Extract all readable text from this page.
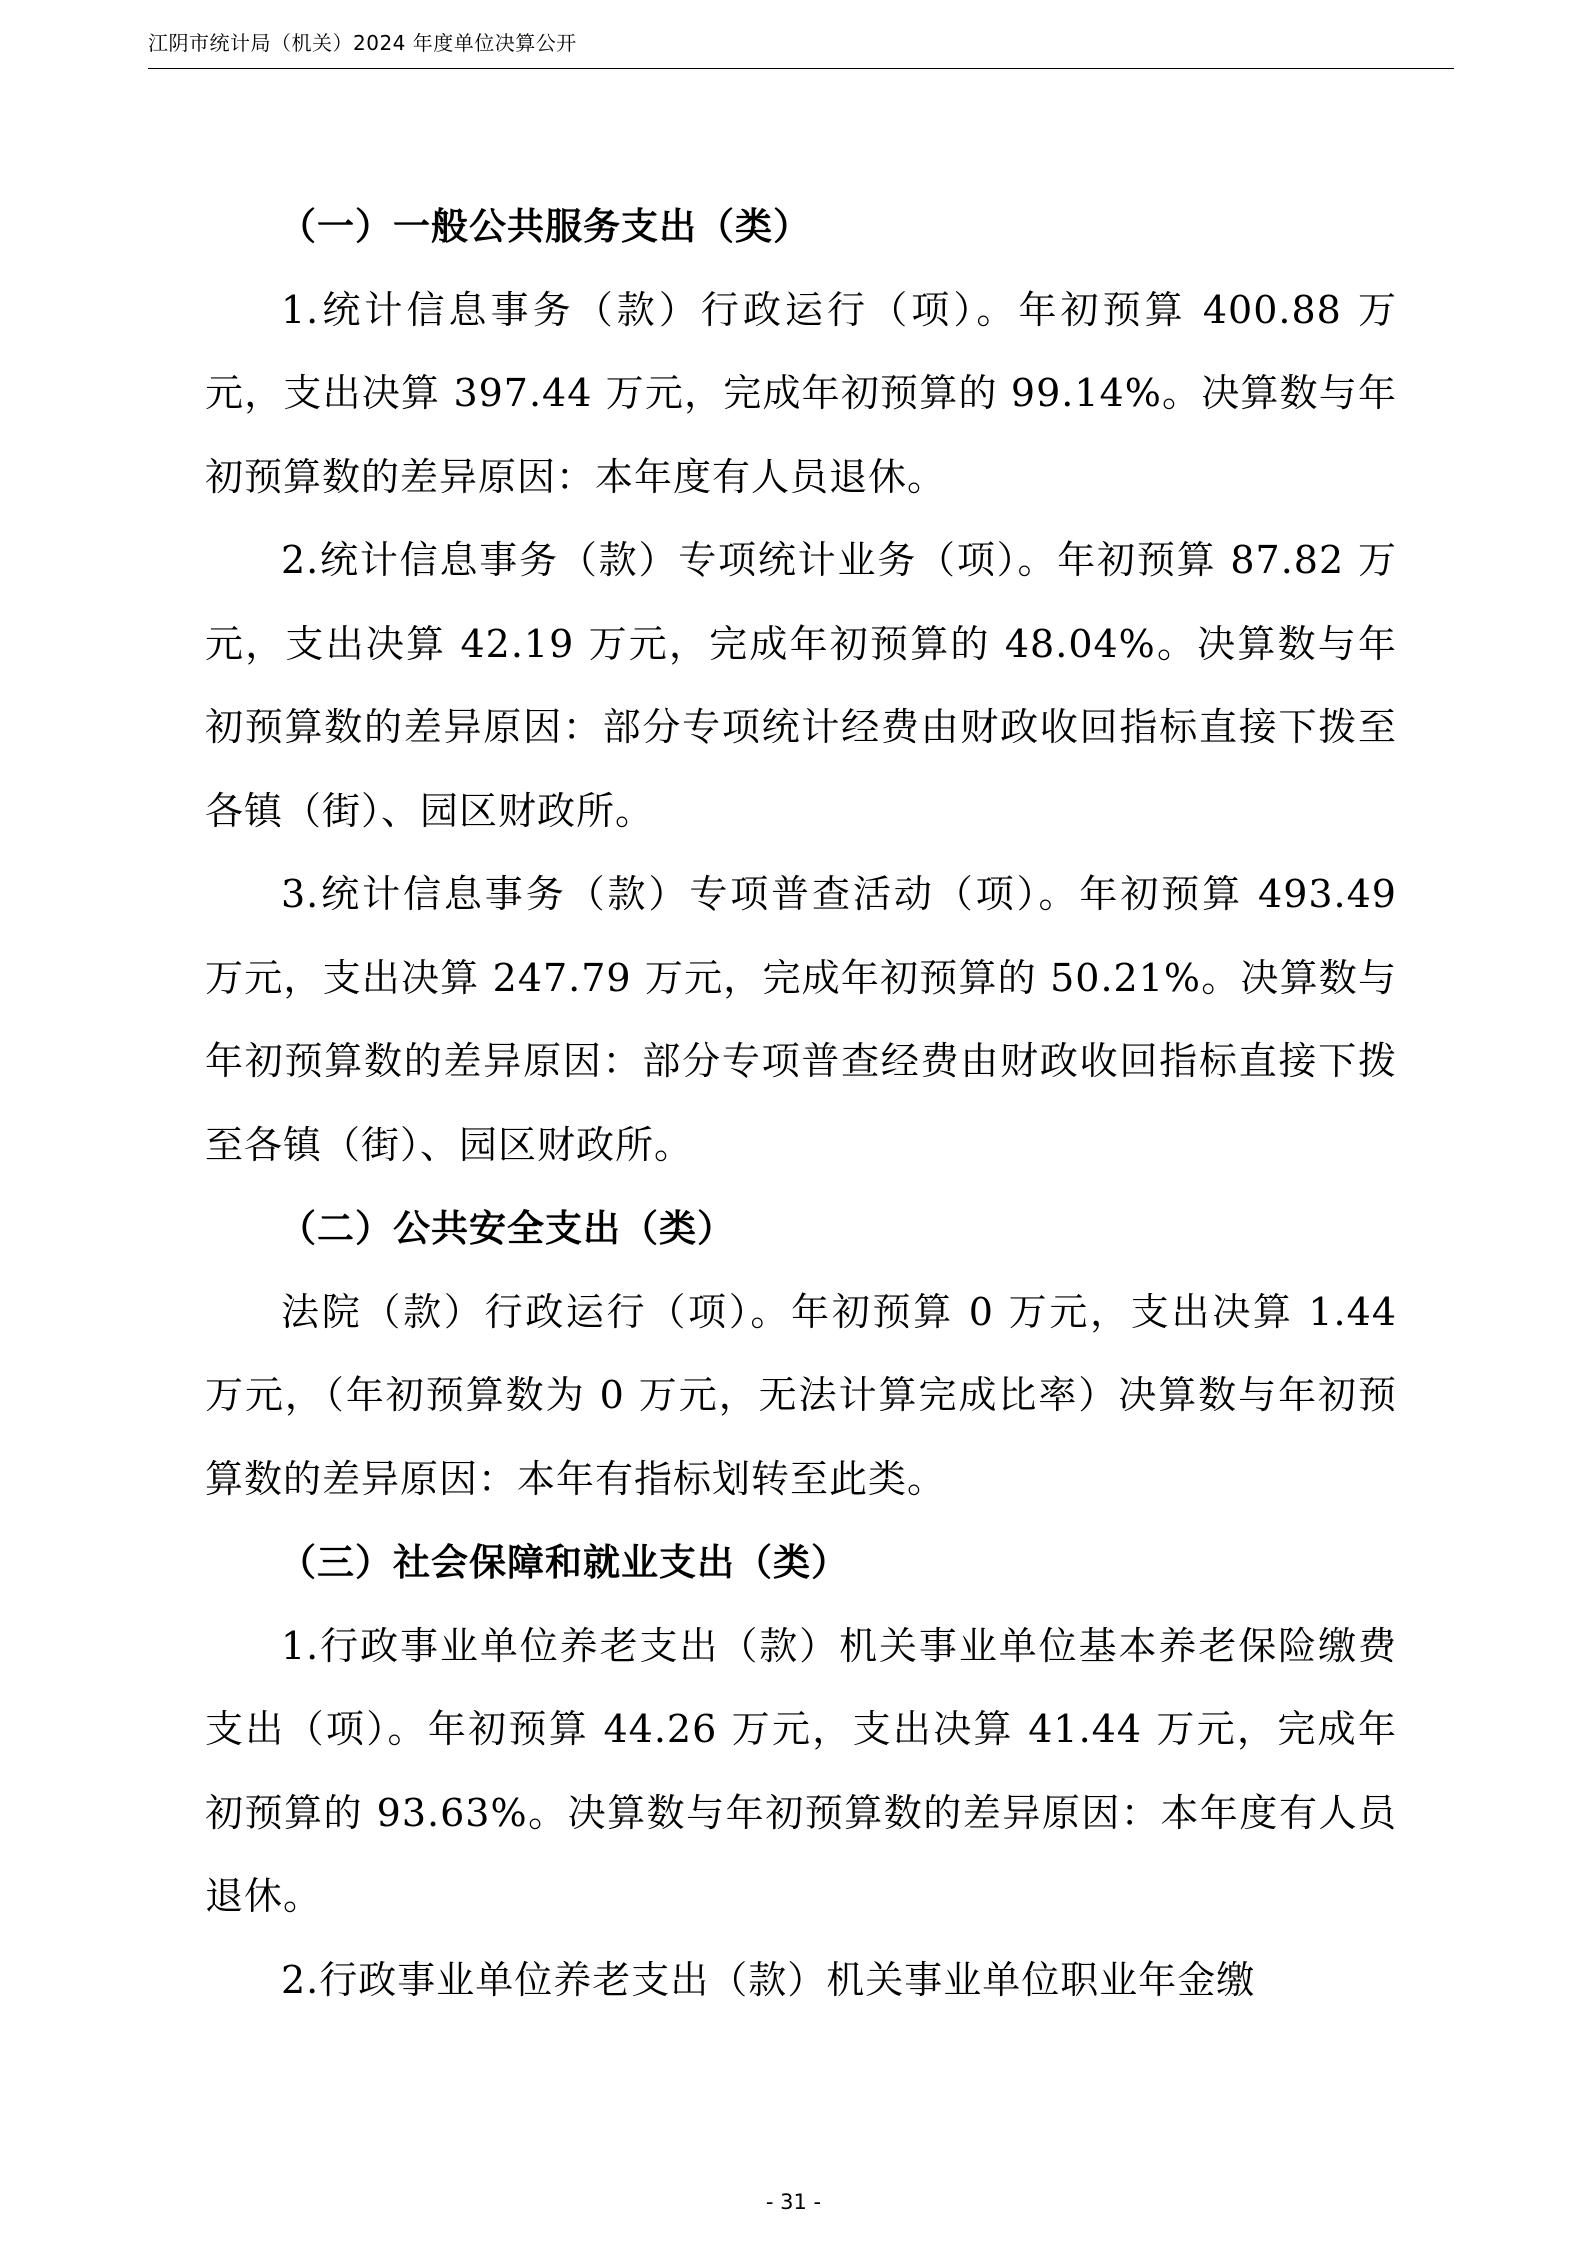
江阴市统计局（机关）2024 年度单位决算公开

（一）一般公共服务支出（类）

1.统计信息事务（款）行政运行（项）。年初预算 400.88 万元，支出决算 397.44 万元，完成年初预算的 99.14%。决算数与年初预算数的差异原因：本年度有人员退休。

2.统计信息事务（款）专项统计业务（项）。年初预算 87.82 万元，支出决算 42.19 万元，完成年初预算的 48.04%。决算数与年初预算数的差异原因：部分专项统计经费由财政收回指标直接下拨至各镇（街）、园区财政所。

3.统计信息事务（款）专项普查活动（项）。年初预算 493.49 万元，支出决算 247.79 万元，完成年初预算的 50.21%。决算数与年初预算数的差异原因：部分专项普查经费由财政收回指标直接下拨至各镇（街）、园区财政所。

（二）公共安全支出（类）

法院（款）行政运行（项）。年初预算 0 万元，支出决算 1.44 万元，（年初预算数为 0 万元，无法计算完成比率）决算数与年初预算数的差异原因：本年有指标划转至此类。

（三）社会保障和就业支出（类）

1.行政事业单位养老支出（款）机关事业单位基本养老保险缴费支出（项）。年初预算 44.26 万元，支出决算 41.44 万元，完成年初预算的 93.63%。决算数与年初预算数的差异原因：本年度有人员退休。

2.行政事业单位养老支出（款）机关事业单位职业年金缴

- 31 -
